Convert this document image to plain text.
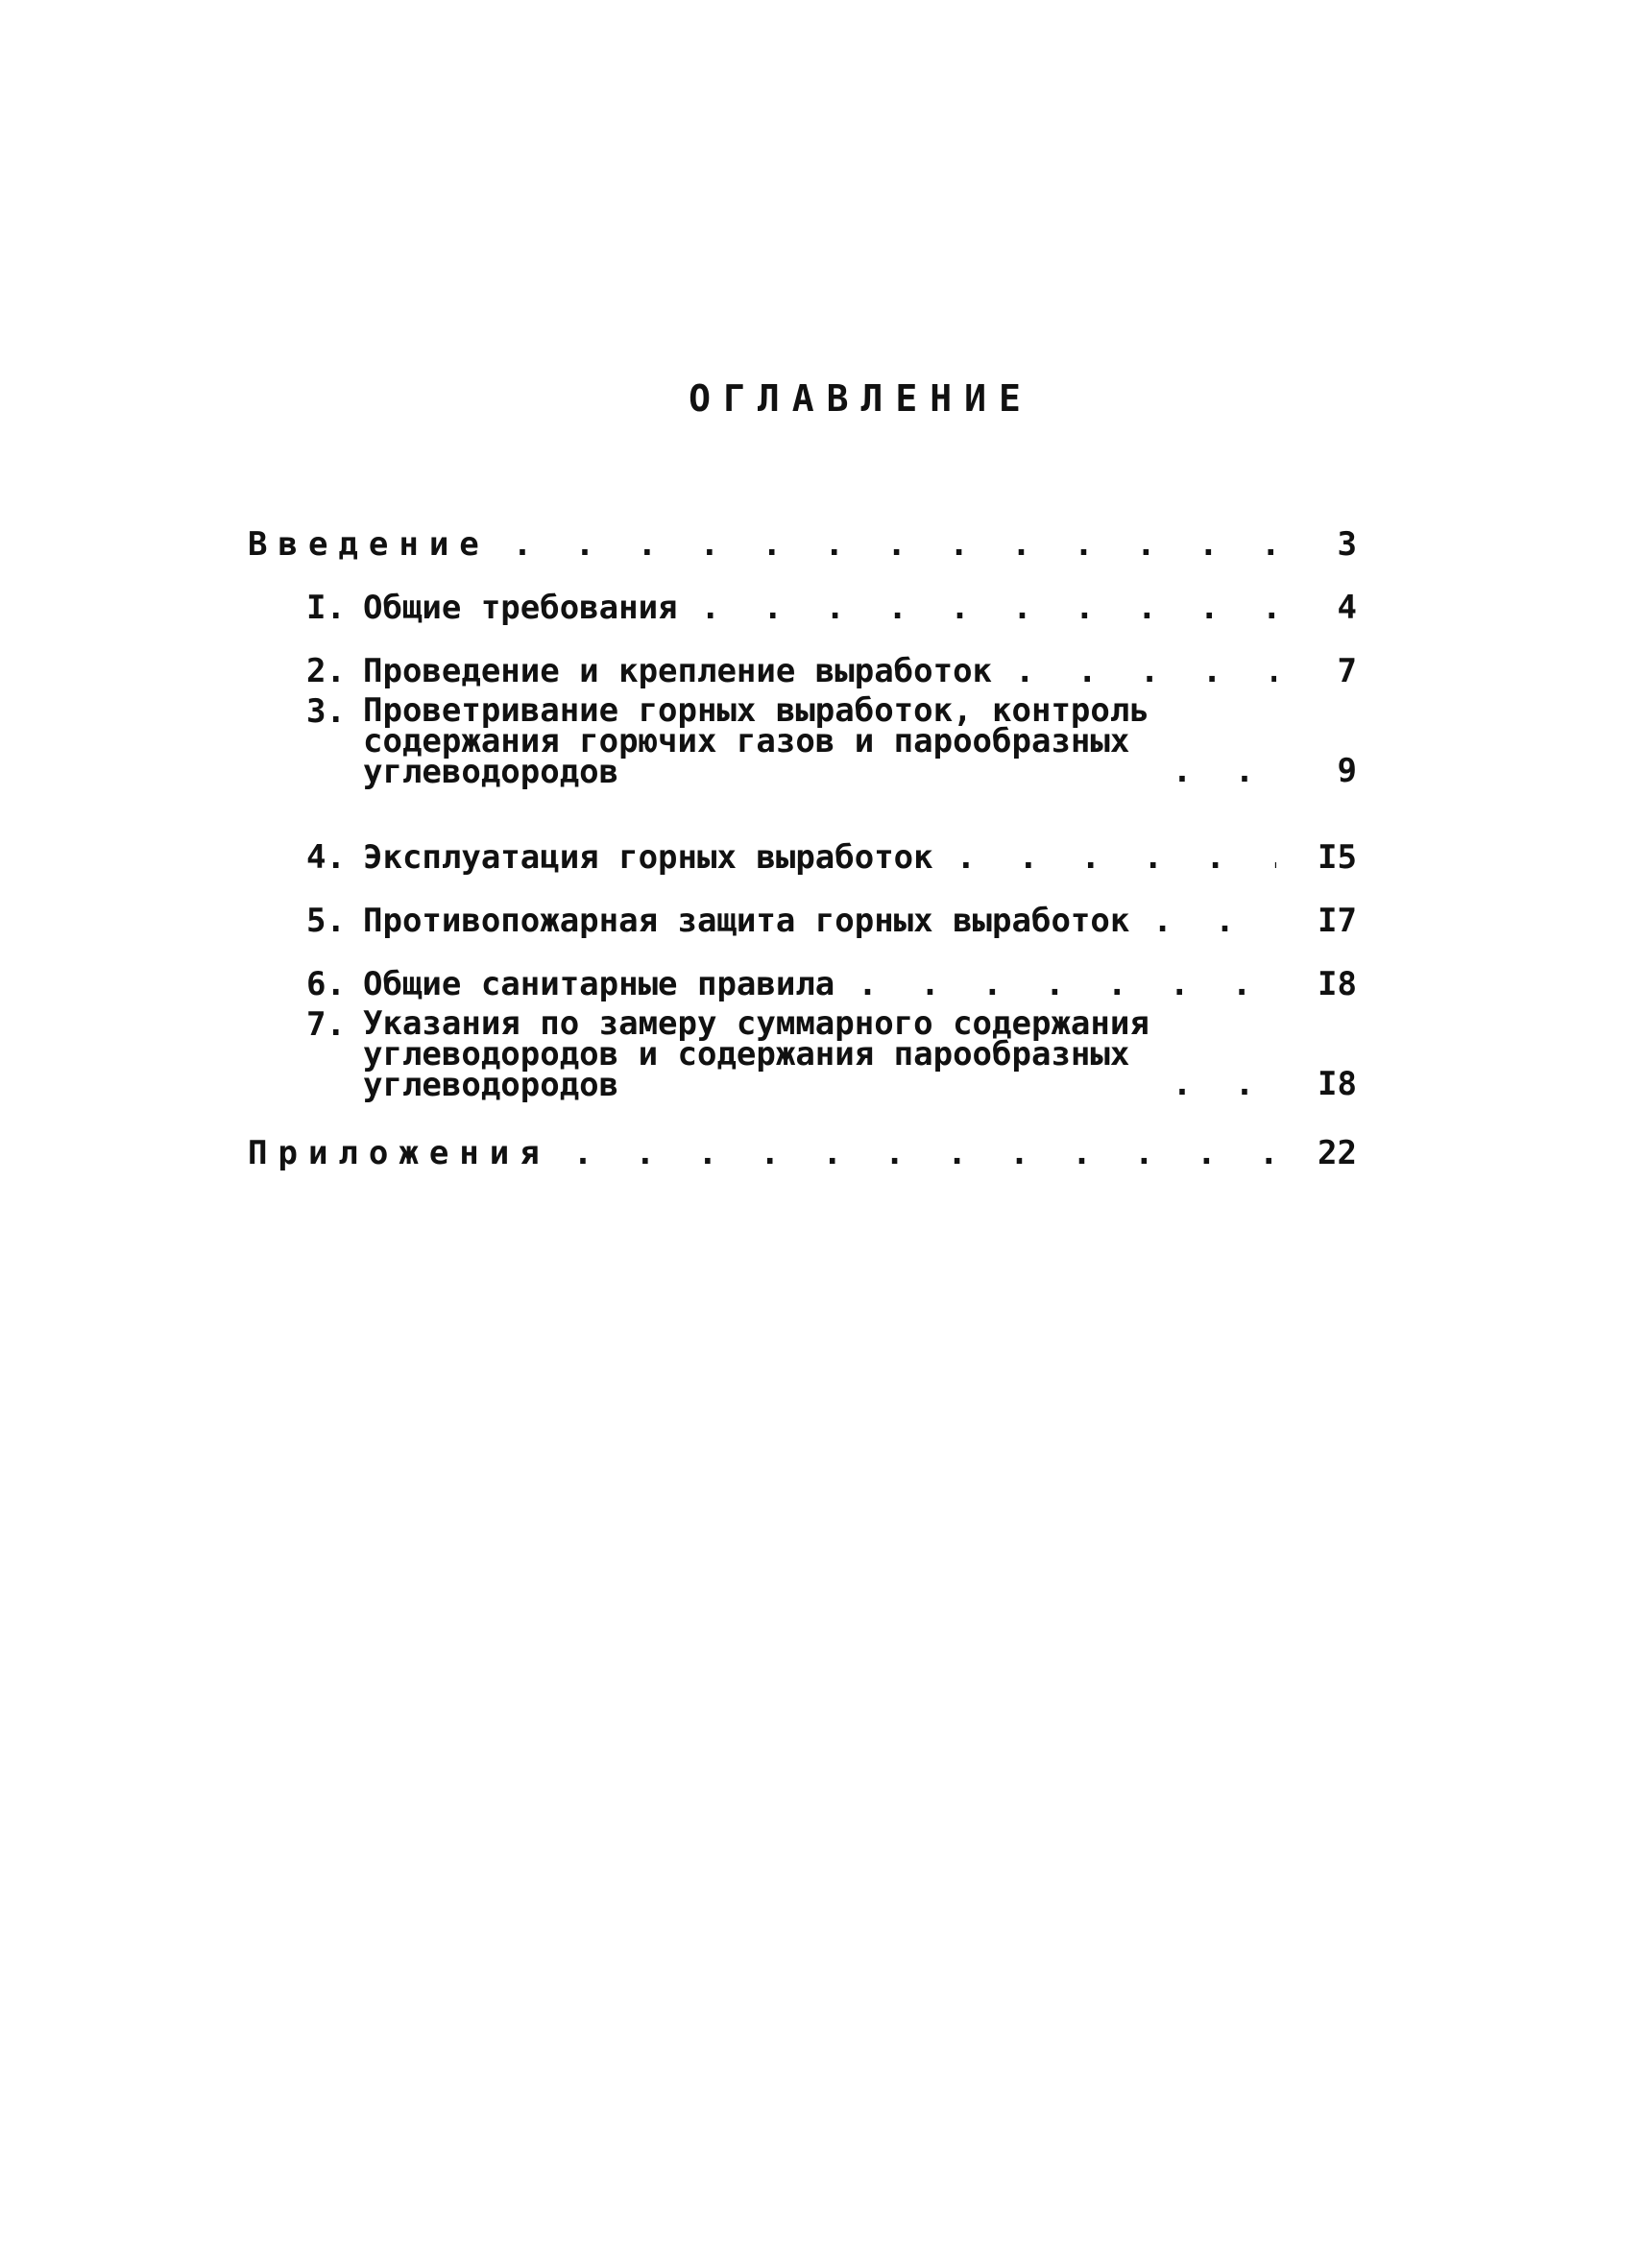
ОГЛАВЛЕНИЕ
Введение . . .	3
I. Общие требования . . .	4
2. Проведение и крепление выработок . . .	7
3. Проветривание горных выработок, контроль
содержания горючих газов и парообразных
углеводородов . . .	9
4. Эксплуатация горных выработок . . .	I5
5. Противопожарная защита горных выработок . . .	I7
6. Общие санитарные правила . . .	I8
7. Указания по замеру суммарного содержания
углеводородов и содержания парообразных
углеводородов . . .	I8
Приложения . . .	22
